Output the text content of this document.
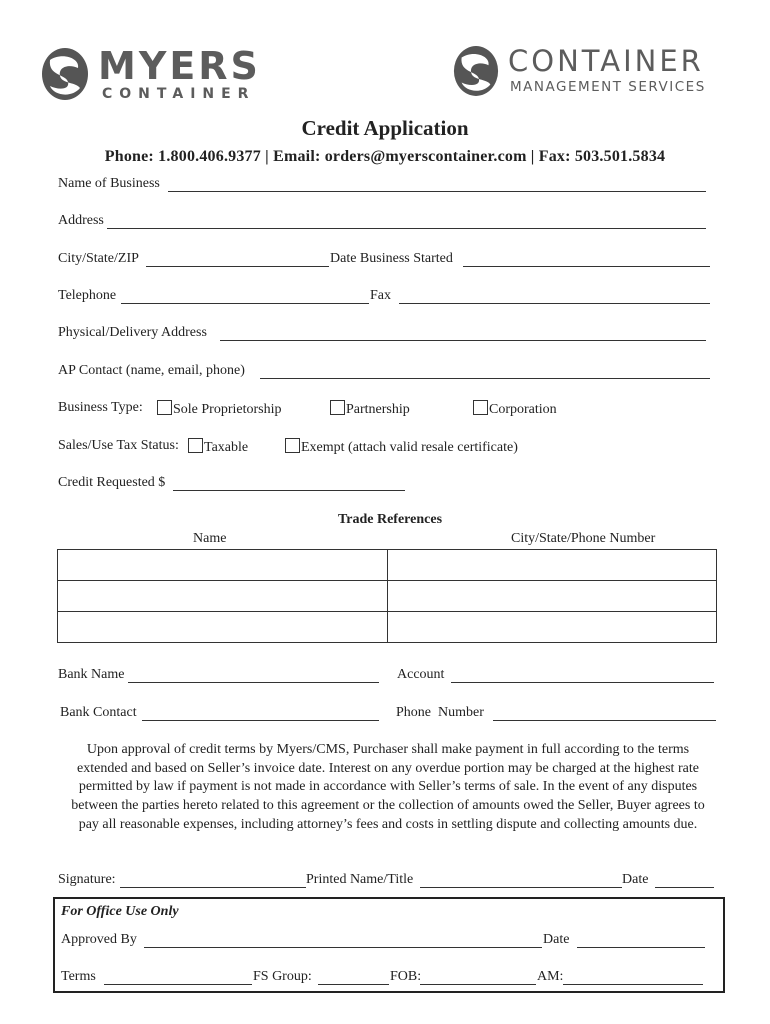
MYERS
CONTAINER
CONTAINER
MANAGEMENT SERVICES
Credit Application
Phone: 1.800.406.9377 | Email: orders@myerscontainer.com | Fax: 503.501.5834
Name of Business
Address
City/State/ZIP	Date Business Started
Telephone	Fax
Physical/Delivery Address
AP Contact (name, email, phone)
Business Type:	Sole Proprietorship	Partnership	Corporation
Sales/Use Tax Status:	Taxable	Exempt (attach valid resale certificate)
Credit Requested $
Trade References
Name	City/State/Phone Number

Bank Name	Account
Bank Contact	Phone  Number
Upon approval of credit terms by Myers/CMS, Purchaser shall make payment in full according to the terms extended and based on Seller’s invoice date. Interest on any overdue portion may be charged at the highest rate permitted by law if payment is not made in accordance with Seller’s terms of sale. In the event of any disputes between the parties hereto related to this agreement or the collection of amounts owed the Seller, Buyer agrees to pay all reasonable expenses, including attorney’s fees and costs in settling dispute and collecting amounts due.
Signature:	Printed Name/Title	Date
For Office Use Only
Approved By	Date
Terms	FS Group:	FOB:	AM:
